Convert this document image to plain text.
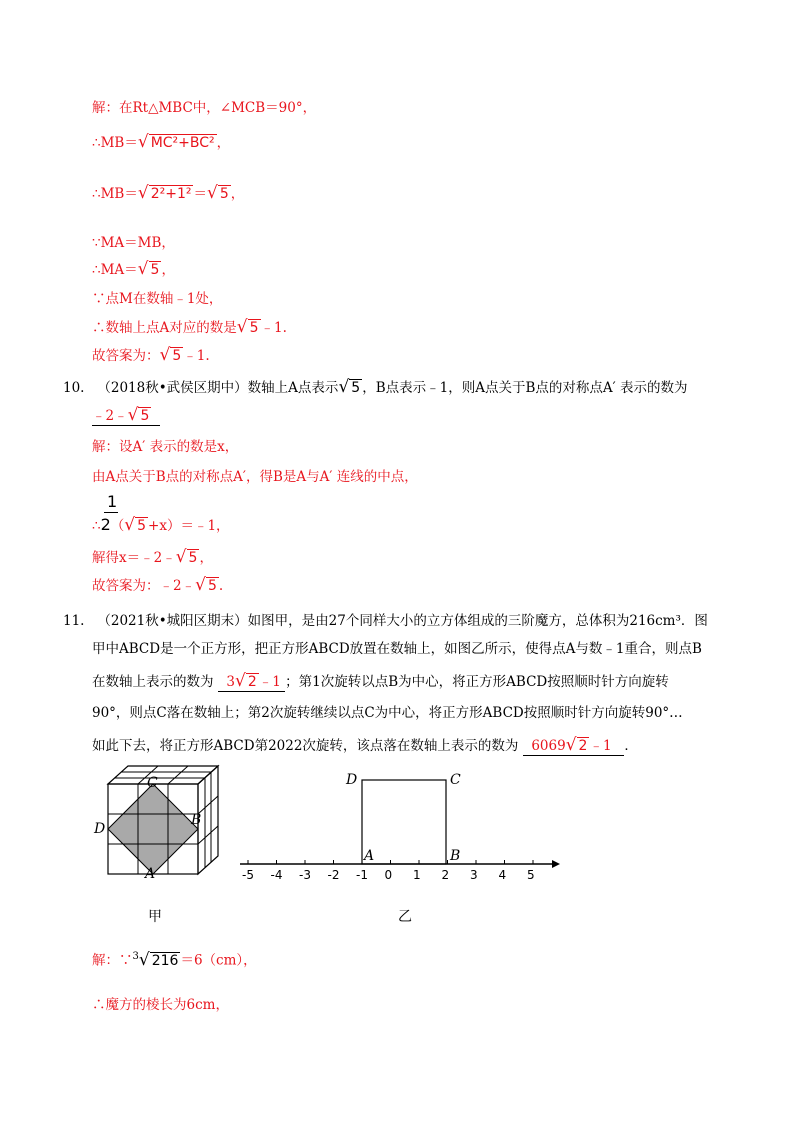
解：在Rt△MBC中，∠MCB＝90°，
∴MB＝√ MC²+BC² ，
∴MB＝√ 2²+1² ＝√ 5 ，
∵MA＝MB，
∴MA＝√ 5 ，
∵点M在数轴﹣1处，
∴数轴上点A对应的数是√ 5 ﹣1.
故答案为：√ 5 ﹣1.
10. （2018秋•武侯区期中）数轴上A点表示√ 5 ，B点表示﹣1，则A点关于B点的对称点A′ 表示的数为
﹣2﹣√ 5
解：设A′ 表示的数是x，
由A点关于B点的对称点A′，得B是A与A′ 连线的中点，
1
∴2（√ 5 +x）＝﹣1，
解得x＝﹣2﹣√ 5 ，
故答案为：﹣2﹣√ 5 .
11. （2021秋•城阳区期末）如图甲，是由27个同样大小的立方体组成的三阶魔方，总体积为216cm³．图
甲中ABCD是一个正方形，把正方形ABCD放置在数轴上，如图乙所示，使得点A与数﹣1重合，则点B
在数轴上表示的数为 3√ 2 ﹣1 ；第1次旋转以点B为中心，将正方形ABCD按照顺时针方向旋转
90°，则点C落在数轴上；第2次旋转继续以点C为中心，将正方形ABCD按照顺时针方向旋转90°…
如此下去，将正方形ABCD第2022次旋转，该点落在数轴上表示的数为 6069√ 2 ﹣1 ．
C
D
B
A
甲
D	C
A	B
-5 -4 -3 -2 -1 0 1 2 3 4 5
乙
解：∵$^3$√ 216 ＝6（cm），
∴魔方的棱长为6cm，
